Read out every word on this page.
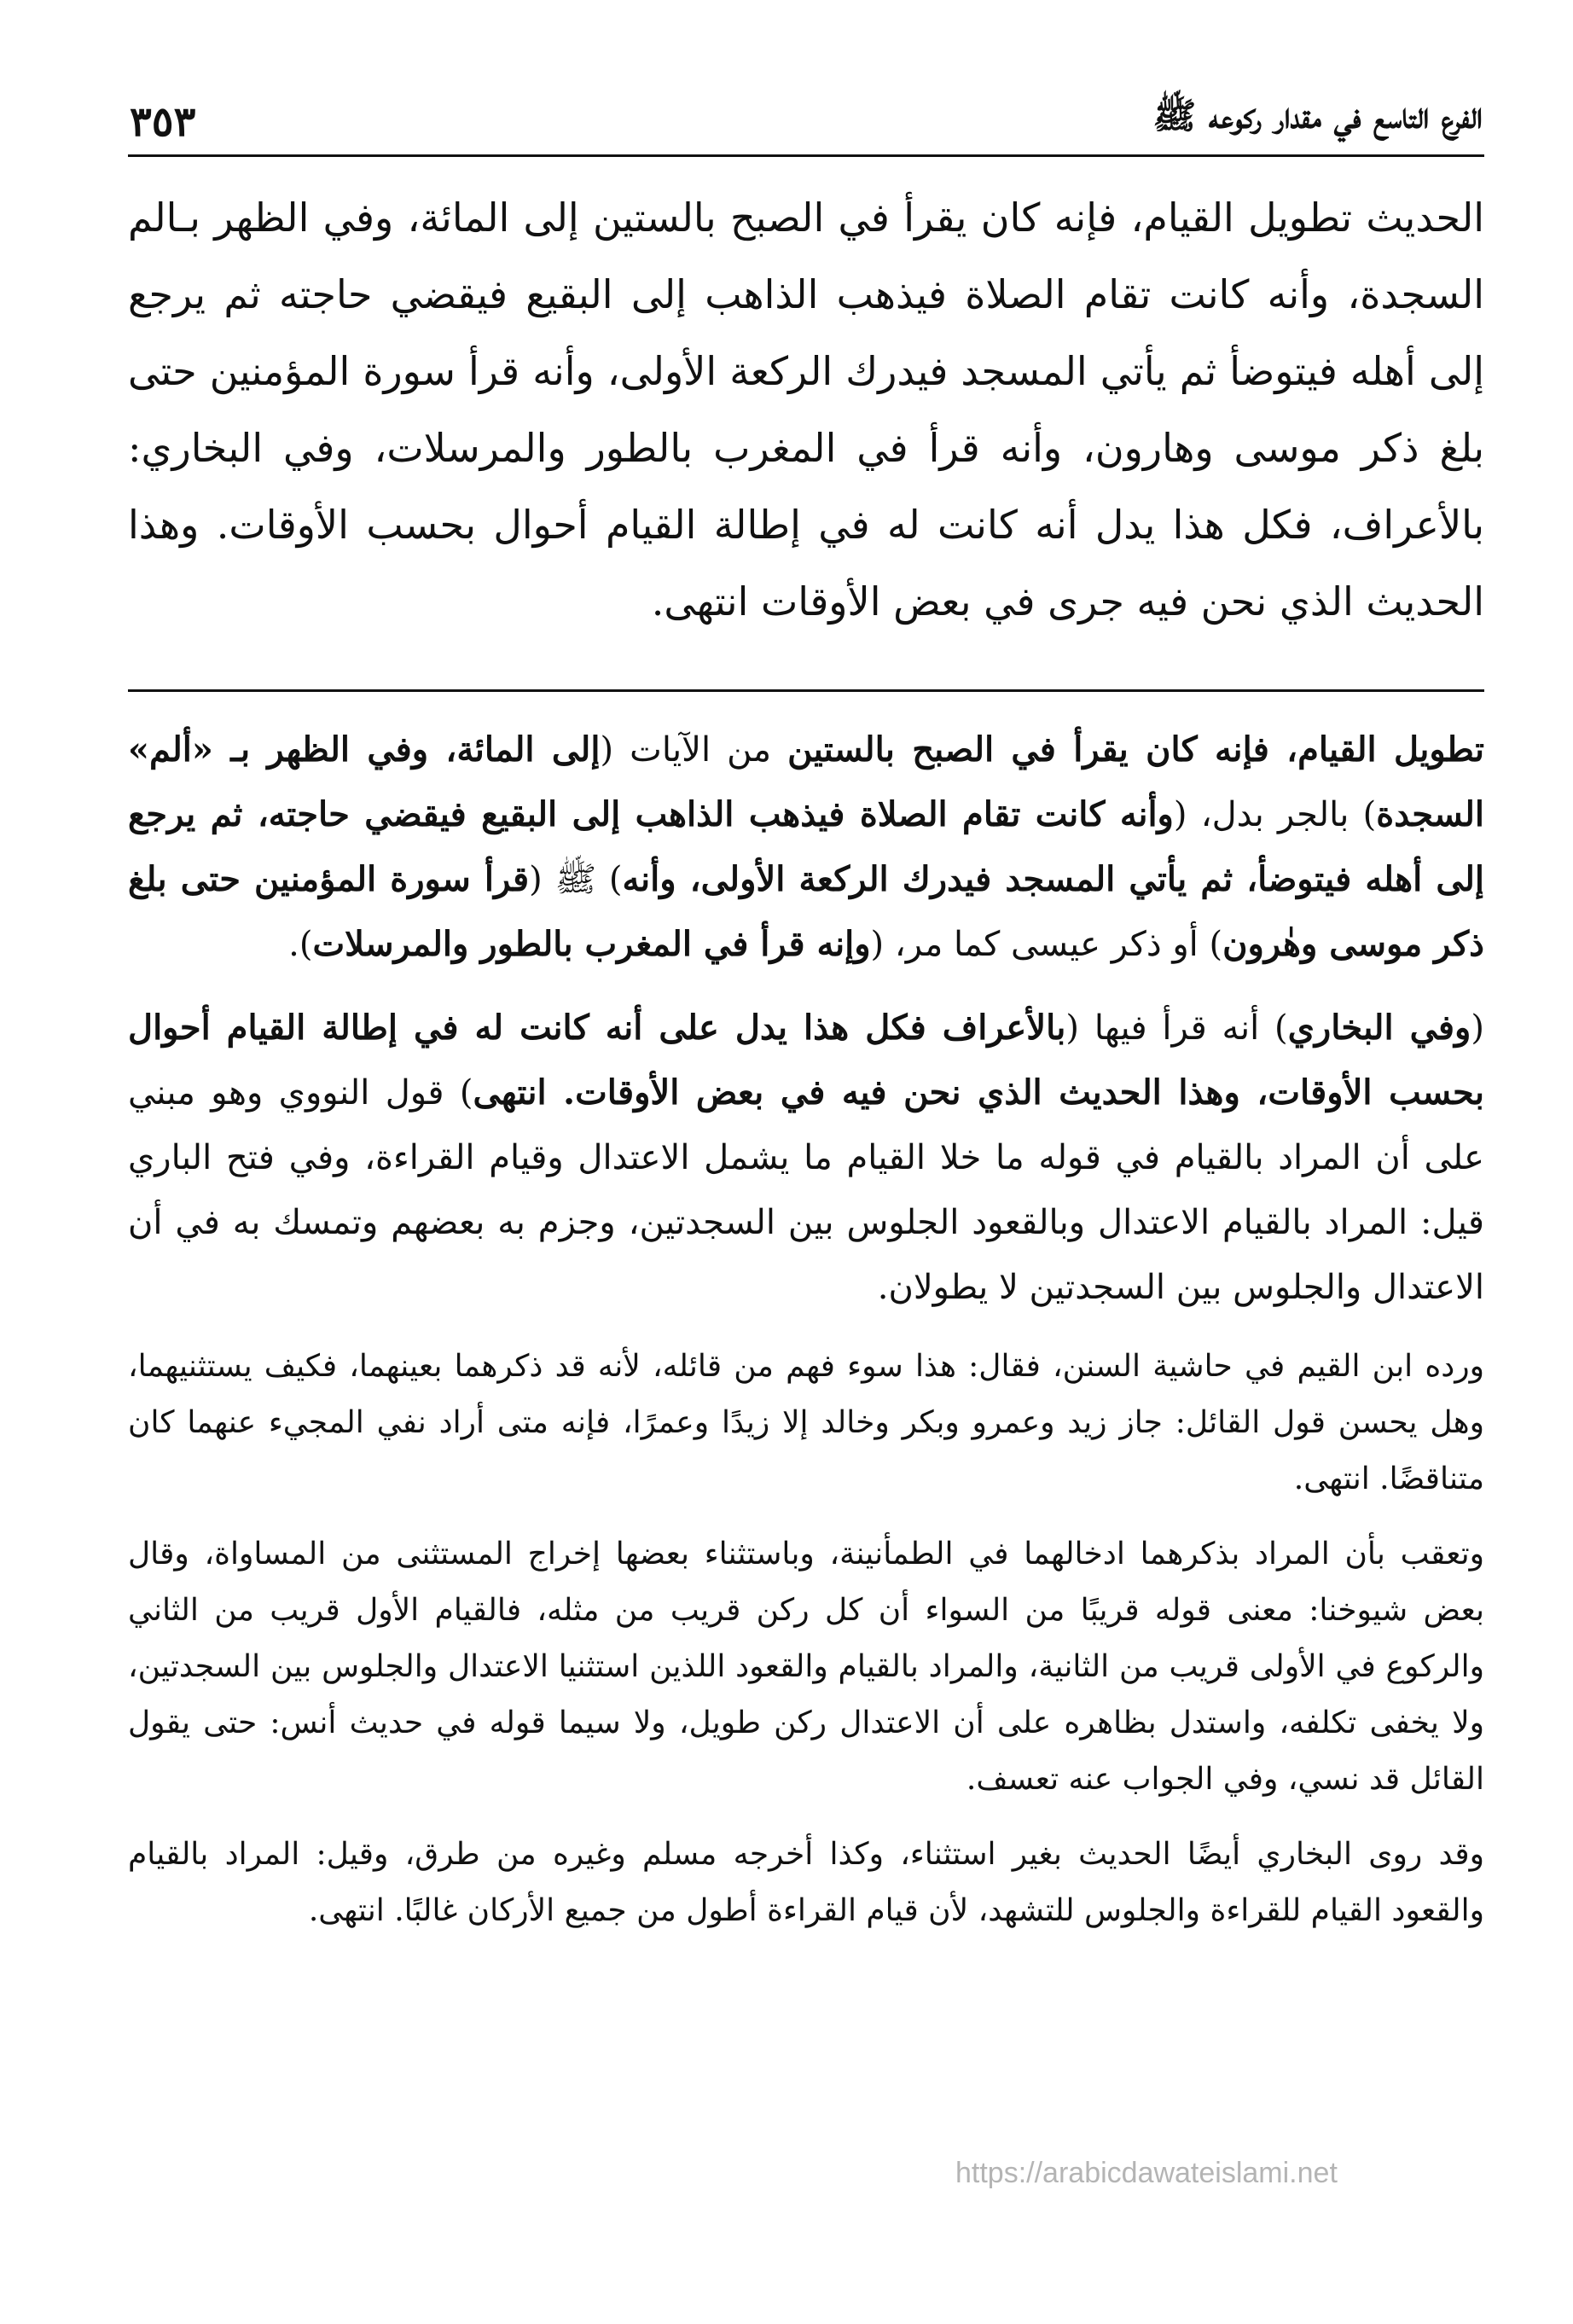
الفرع التاسع في مقدار ركوعه ﷺ
٣٥٣
الحديث تطويل القيام، فإنه كان يقرأ في الصبح بالستين إلى المائة، وفي الظهر بـالم السجدة، وأنه كانت تقام الصلاة فيذهب الذاهب إلى البقيع فيقضي حاجته ثم يرجع إلى أهله فيتوضأ ثم يأتي المسجد فيدرك الركعة الأولى، وأنه قرأ سورة المؤمنين حتى بلغ ذكر موسى وهارون، وأنه قرأ في المغرب بالطور والمرسلات، وفي البخاري: بالأعراف، فكل هذا يدل أنه كانت له في إطالة القيام أحوال بحسب الأوقات. وهذا الحديث الذي نحن فيه جرى في بعض الأوقات انتهى.

تطويل القيام، فإنه كان يقرأ في الصبح بالستين من الآيات (إلى المائة، وفي الظهر بـ «ألم» السجدة) بالجر بدل، (وأنه كانت تقام الصلاة فيذهب الذاهب إلى البقيع فيقضي حاجته، ثم يرجع إلى أهله فيتوضأ، ثم يأتي المسجد فيدرك الركعة الأولى، وأنه) ﷺ (قرأ سورة المؤمنين حتى بلغ ذكر موسى وهٰرون) أو ذكر عيسى كما مر، (وإنه قرأ في المغرب بالطور والمرسلات).

(وفي البخاري) أنه قرأ فيها (بالأعراف فكل هذا يدل على أنه كانت له في إطالة القيام أحوال بحسب الأوقات، وهذا الحديث الذي نحن فيه في بعض الأوقات. انتهى) قول النووي وهو مبني على أن المراد بالقيام في قوله ما خلا القيام ما يشمل الاعتدال وقيام القراءة، وفي فتح الباري قيل: المراد بالقيام الاعتدال وبالقعود الجلوس بين السجدتين، وجزم به بعضهم وتمسك به في أن الاعتدال والجلوس بين السجدتين لا يطولان.

ورده ابن القيم في حاشية السنن، فقال: هذا سوء فهم من قائله، لأنه قد ذكرهما بعينهما، فكيف يستثنيهما، وهل يحسن قول القائل: جاز زيد وعمرو وبكر وخالد إلا زيدًا وعمرًا، فإنه متى أراد نفي المجيء عنهما كان متناقضًا. انتهى.

وتعقب بأن المراد بذكرهما ادخالهما في الطمأنينة، وباستثناء بعضها إخراج المستثنى من المساواة، وقال بعض شيوخنا: معنى قوله قريبًا من السواء أن كل ركن قريب من مثله، فالقيام الأول قريب من الثاني والركوع في الأولى قريب من الثانية، والمراد بالقيام والقعود اللذين استثنيا الاعتدال والجلوس بين السجدتين، ولا يخفى تكلفه، واستدل بظاهره على أن الاعتدال ركن طويل، ولا سيما قوله في حديث أنس: حتى يقول القائل قد نسي، وفي الجواب عنه تعسف.

وقد روى البخاري أيضًا الحديث بغير استثناء، وكذا أخرجه مسلم وغيره من طرق، وقيل: المراد بالقيام والقعود القيام للقراءة والجلوس للتشهد، لأن قيام القراءة أطول من جميع الأركان غالبًا. انتهى.

https://arabicdawateislami.net
